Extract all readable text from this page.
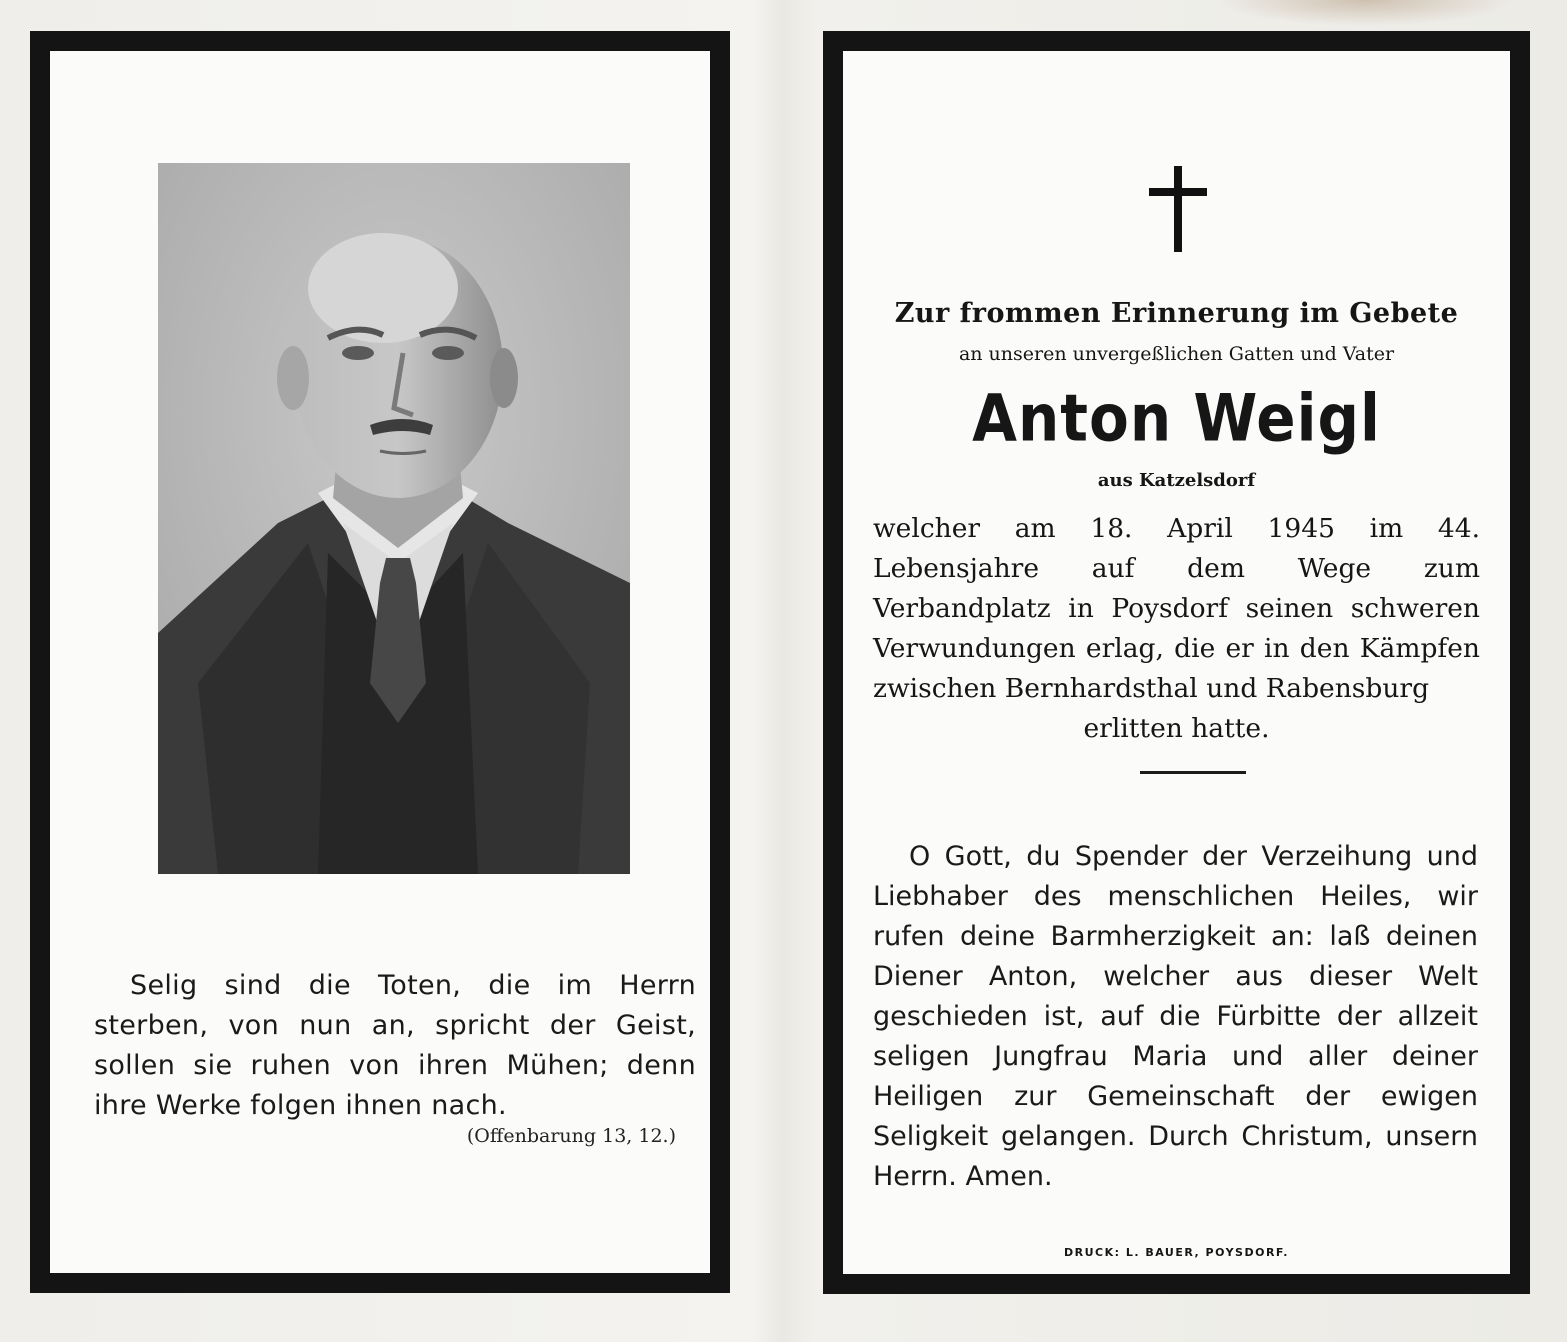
Selig sind die Toten, die im Herrn sterben, von nun an, spricht der Geist, sollen sie ruhen von ihren Mühen; denn ihre Werke folgen ihnen nach.

(Offenbarung 13, 12.)
Zur frommen Erinnerung im Gebete
an unseren unvergeßlichen Gatten und Vater
Anton Weigl
aus Katzelsdorf
welcher am 18. April 1945 im 44. Lebensjahre auf dem Wege zum Verbandplatz in Poysdorf seinen schweren Verwundungen erlag, die er in den Kämpfen zwischen Bernhardsthal und Rabensburg
erlitten hatte.

O Gott, du Spender der Verzeihung und Liebhaber des menschlichen Heiles, wir rufen deine Barmherzigkeit an: laß deinen Diener Anton, welcher aus dieser Welt geschieden ist, auf die Fürbitte der allzeit seligen Jungfrau Maria und aller deiner Heiligen zur Gemeinschaft der ewigen Seligkeit gelangen. Durch Christum, unsern Herrn. Amen.

DRUCK: L. BAUER, POYSDORF.
